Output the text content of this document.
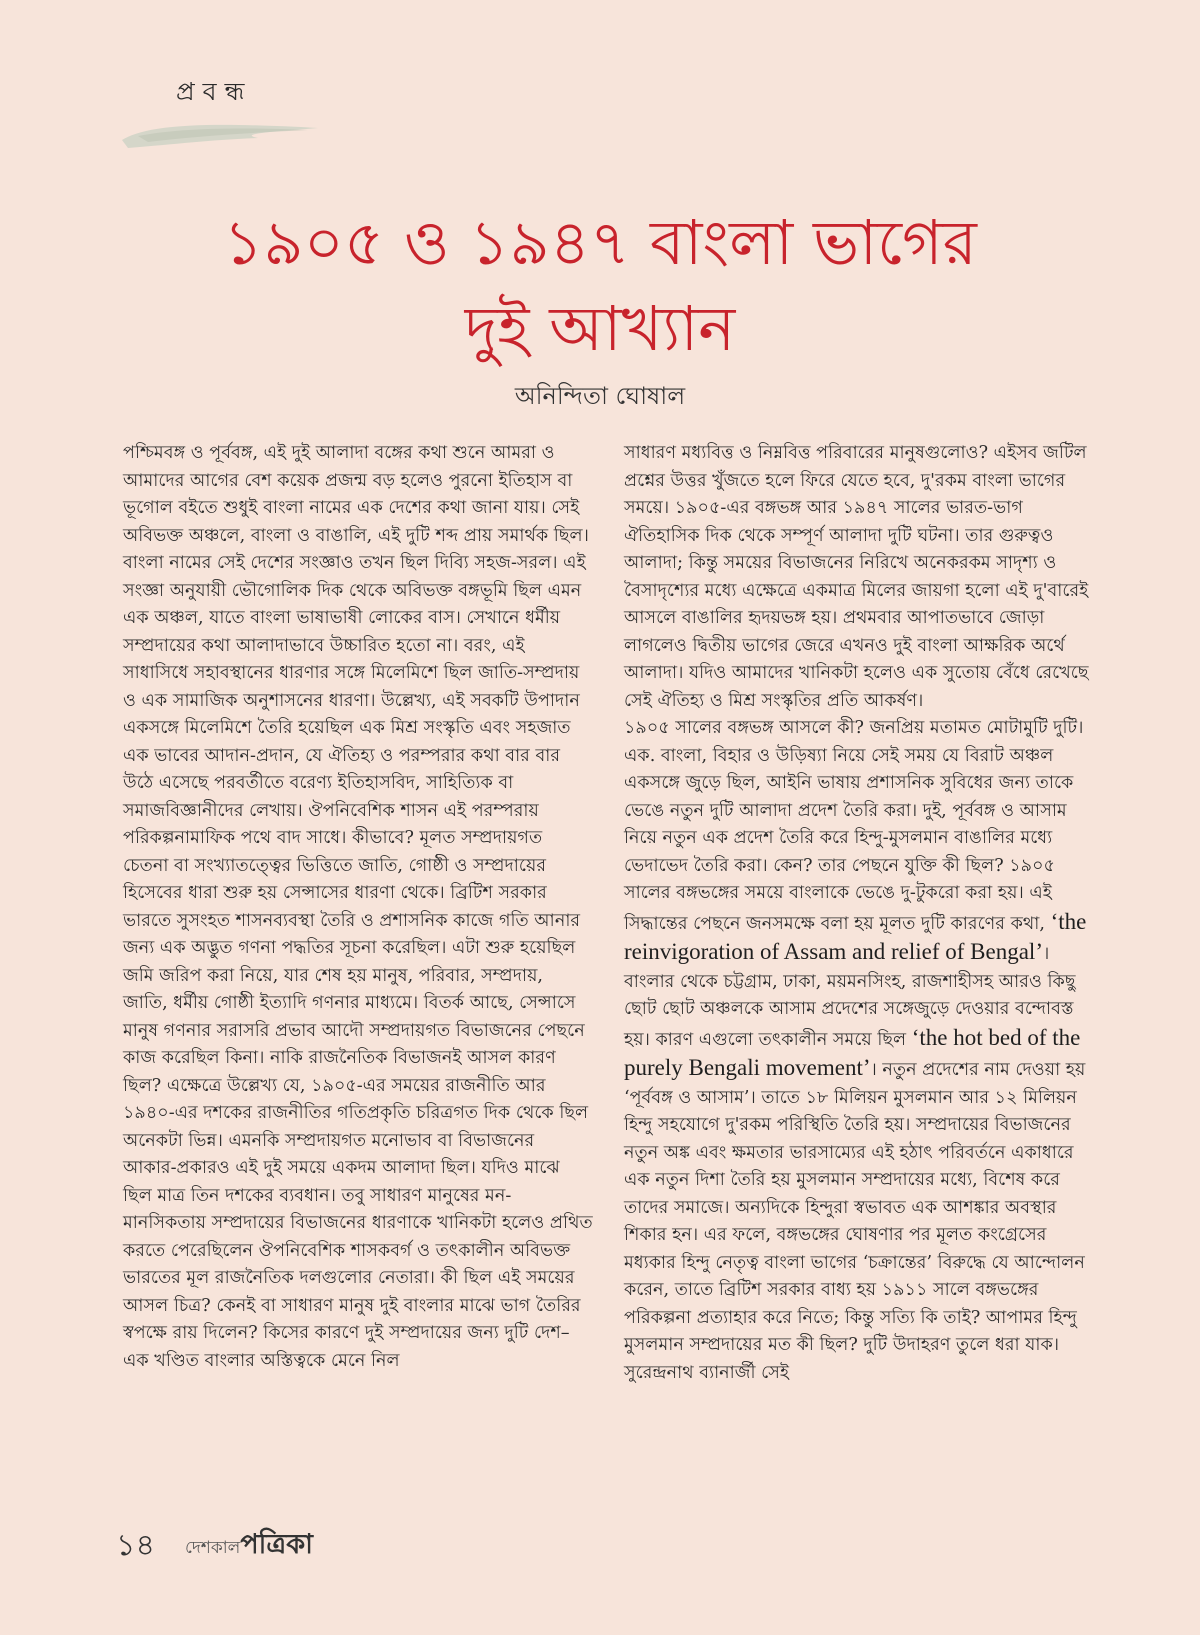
প্রবন্ধ
১৯০৫ ও ১৯৪৭ বাংলা ভাগের
দুই আখ্যান
অনিন্দিতা ঘোষাল

পশ্চিমবঙ্গ ও পূর্ববঙ্গ, এই দুই আলাদা বঙ্গের কথা শুনে আমরা ও আমাদের আগের বেশ কয়েক প্রজন্ম বড় হলেও পুরনো ইতিহাস বা ভূগোল বইতে শুধুই বাংলা নামের এক দেশের কথা জানা যায়। সেই অবিভক্ত অঞ্চলে, বাংলা ও বাঙালি, এই দুটি শব্দ প্রায় সমার্থক ছিল। বাংলা নামের সেই দেশের সংজ্ঞাও তখন ছিল দিব্যি সহজ-সরল। এই সংজ্ঞা অনুযায়ী ভৌগোলিক দিক থেকে অবিভক্ত বঙ্গভূমি ছিল এমন এক অঞ্চল, যাতে বাংলা ভাষাভাষী লোকের বাস। সেখানে ধর্মীয় সম্প্রদায়ের কথা আলাদাভাবে উচ্চারিত হতো না। বরং, এই সাধাসিধে সহাবস্থানের ধারণার সঙ্গে মিলেমিশে ছিল জাতি-সম্প্রদায় ও এক সামাজিক অনুশাসনের ধারণা। উল্লেখ্য, এই সবকটি উপাদান একসঙ্গে মিলেমিশে তৈরি হয়েছিল এক মিশ্র সংস্কৃতি এবং সহজাত এক ভাবের আদান-প্রদান, যে ঐতিহ্য ও পরম্পরার কথা বার বার উঠে এসেছে পরবর্তীতে বরেণ্য ইতিহাসবিদ, সাহিত্যিক বা সমাজবিজ্ঞানীদের লেখায়। ঔপনিবেশিক শাসন এই পরম্পরায় পরিকল্পনামাফিক পথে বাদ সাধে। কীভাবে? মূলত সম্প্রদায়গত চেতনা বা সংখ্যাতত্ত্বের ভিত্তিতে জাতি, গোষ্ঠী ও সম্প্রদায়ের হিসেবের ধারা শুরু হয় সেন্সাসের ধারণা থেকে। ব্রিটিশ সরকার ভারতে সুসংহত শাসনব্যবস্থা তৈরি ও প্রশাসনিক কাজে গতি আনার জন্য এক অদ্ভুত গণনা পদ্ধতির সূচনা করেছিল। এটা শুরু হয়েছিল জমি জরিপ করা নিয়ে, যার শেষ হয় মানুষ, পরিবার, সম্প্রদায়, জাতি, ধর্মীয় গোষ্ঠী ইত্যাদি গণনার মাধ্যমে। বিতর্ক আছে, সেন্সাসে মানুষ গণনার সরাসরি প্রভাব আদৌ সম্প্রদায়গত বিভাজনের পেছনে কাজ করেছিল কিনা। নাকি রাজনৈতিক বিভাজনই আসল কারণ ছিল? এক্ষেত্রে উল্লেখ্য যে, ১৯০৫-এর সময়ের রাজনীতি আর ১৯৪০-এর দশকের রাজনীতির গতিপ্রকৃতি চরিত্রগত দিক থেকে ছিল অনেকটা ভিন্ন। এমনকি সম্প্রদায়গত মনোভাব বা বিভাজনের আকার-প্রকারও এই দুই সময়ে একদম আলাদা ছিল। যদিও মাঝে ছিল মাত্র তিন দশকের ব্যবধান। তবু সাধারণ মানুষের মন-মানসিকতায় সম্প্রদায়ের বিভাজনের ধারণাকে খানিকটা হলেও প্রথিত করতে পেরেছিলেন ঔপনিবেশিক শাসকবর্গ ও তৎকালীন অবিভক্ত ভারতের মূল রাজনৈতিক দলগুলোর নেতারা। কী ছিল এই সময়ের আসল চিত্র? কেনই বা সাধারণ মানুষ দুই বাংলার মাঝে ভাগ তৈরির স্বপক্ষে রায় দিলেন? কিসের কারণে দুই সম্প্রদায়ের জন্য দুটি দেশ– এক খণ্ডিত বাংলার অস্তিত্বকে মেনে নিল

সাধারণ মধ্যবিত্ত ও নিম্নবিত্ত পরিবারের মানুষগুলোও? এইসব জটিল প্রশ্নের উত্তর খুঁজতে হলে ফিরে যেতে হবে, দু'রকম বাংলা ভাগের সময়ে। ১৯০৫-এর বঙ্গভঙ্গ আর ১৯৪৭ সালের ভারত-ভাগ ঐতিহাসিক দিক থেকে সম্পূর্ণ আলাদা দুটি ঘটনা। তার গুরুত্বও আলাদা; কিন্তু সময়ের বিভাজনের নিরিখে অনেকরকম সাদৃশ্য ও বৈসাদৃশ্যের মধ্যে এক্ষেত্রে একমাত্র মিলের জায়গা হলো এই দু'বারেই আসলে বাঙালির হৃদয়ভঙ্গ হয়। প্রথমবার আপাতভাবে জোড়া লাগলেও দ্বিতীয় ভাগের জেরে এখনও দুই বাংলা আক্ষরিক অর্থে আলাদা। যদিও আমাদের খানিকটা হলেও এক সুতোয় বেঁধে রেখেছে সেই ঐতিহ্য ও মিশ্র সংস্কৃতির প্রতি আকর্ষণ।

১৯০৫ সালের বঙ্গভঙ্গ আসলে কী? জনপ্রিয় মতামত মোটামুটি দুটি। এক. বাংলা, বিহার ও উড়িষ্যা নিয়ে সেই সময় যে বিরাট অঞ্চল একসঙ্গে জুড়ে ছিল, আইনি ভাষায় প্রশাসনিক সুবিধের জন্য তাকে ভেঙে নতুন দুটি আলাদা প্রদেশ তৈরি করা। দুই, পূর্ববঙ্গ ও আসাম নিয়ে নতুন এক প্রদেশ তৈরি করে হিন্দু-মুসলমান বাঙালির মধ্যে ভেদাভেদ তৈরি করা। কেন? তার পেছনে যুক্তি কী ছিল? ১৯০৫ সালের বঙ্গভঙ্গের সময়ে বাংলাকে ভেঙে দু-টুকরো করা হয়। এই সিদ্ধান্তের পেছনে জনসমক্ষে বলা হয় মূলত দুটি কারণের কথা, ‘the reinvigoration of Assam and relief of Bengal’। বাংলার থেকে চট্টগ্রাম, ঢাকা, ময়মনসিংহ, রাজশাহীসহ আরও কিছু ছোট ছোট অঞ্চলকে আসাম প্রদেশের সঙ্গেজুড়ে দেওয়ার বন্দোবস্ত হয়। কারণ এগুলো তৎকালীন সময়ে ছিল ‘the hot bed of the purely Bengali movement’। নতুন প্রদেশের নাম দেওয়া হয় ‘পূর্ববঙ্গ ও আসাম’। তাতে ১৮ মিলিয়ন মুসলমান আর ১২ মিলিয়ন হিন্দু সহযোগে দু'রকম পরিস্থিতি তৈরি হয়। সম্প্রদায়ের বিভাজনের নতুন অঙ্ক এবং ক্ষমতার ভারসাম্যের এই হঠাৎ পরিবর্তনে একাধারে এক নতুন দিশা তৈরি হয় মুসলমান সম্প্রদায়ের মধ্যে, বিশেষ করে তাদের সমাজে। অন্যদিকে হিন্দুরা স্বভাবত এক আশঙ্কার অবস্থার শিকার হন। এর ফলে, বঙ্গভঙ্গের ঘোষণার পর মূলত কংগ্রেসের মধ্যকার হিন্দু নেতৃত্ব বাংলা ভাগের ‘চক্রান্তের’ বিরুদ্ধে যে আন্দোলন করেন, তাতে ব্রিটিশ সরকার বাধ্য হয় ১৯১১ সালে বঙ্গভঙ্গের পরিকল্পনা প্রত্যাহার করে নিতে; কিন্তু সত্যি কি তাই? আপামর হিন্দু মুসলমান সম্প্রদায়ের মত কী ছিল? দুটি উদাহরণ তুলে ধরা যাক। সুরেন্দ্রনাথ ব্যানার্জী সেই

১৪ দেশকাল পত্রিকা
